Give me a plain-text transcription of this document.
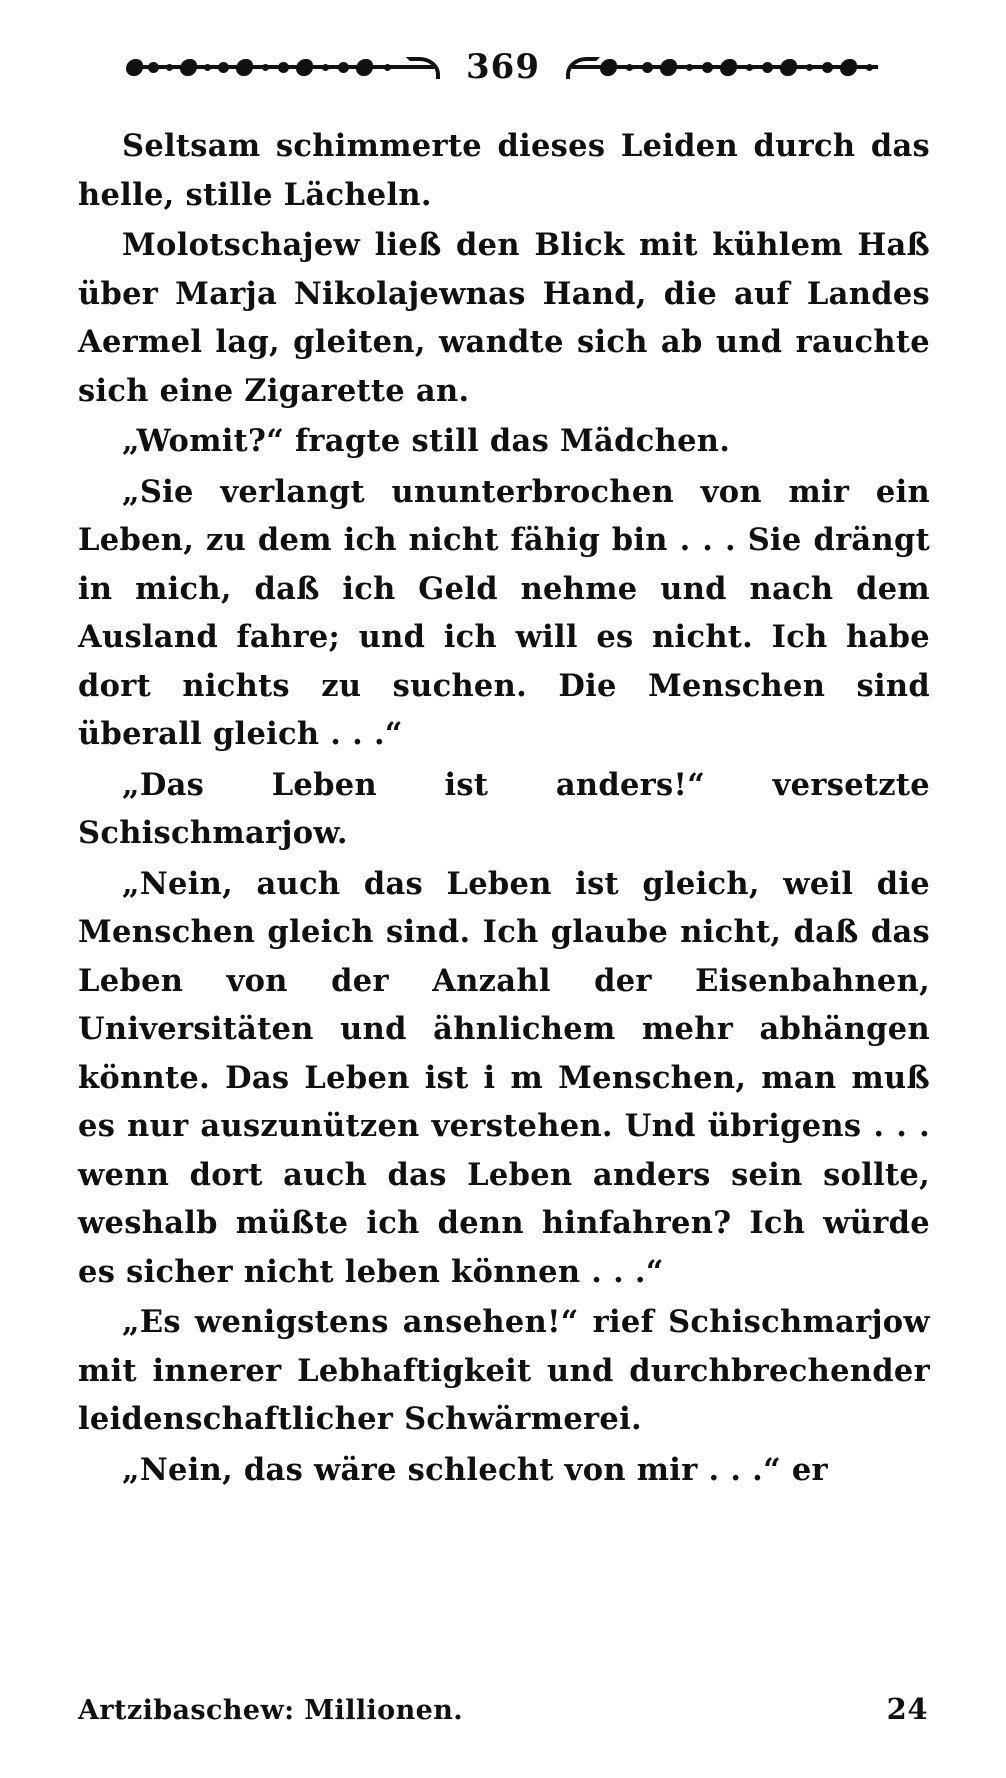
369

Seltsam schimmerte dieses Leiden durch das helle, stille Lächeln.

Molotschajew ließ den Blick mit kühlem Haß über Marja Nikolajewnas Hand, die auf Landes Aermel lag, gleiten, wandte sich ab und rauchte sich eine Zigarette an.

„Womit?“ fragte still das Mädchen.

„Sie verlangt ununterbrochen von mir ein Leben, zu dem ich nicht fähig bin . . . Sie drängt in mich, daß ich Geld nehme und nach dem Ausland fahre; und ich will es nicht. Ich habe dort nichts zu suchen. Die Menschen sind überall gleich . . .“

„Das Leben ist anders!“ versetzte Schischmarjow.

„Nein, auch das Leben ist gleich, weil die Menschen gleich sind. Ich glaube nicht, daß das Leben von der Anzahl der Eisenbahnen, Universitäten und ähnlichem mehr abhängen könnte. Das Leben ist i m Menschen, man muß es nur auszunützen verstehen. Und übrigens . . . wenn dort auch das Leben anders sein sollte, weshalb müßte ich denn hinfahren? Ich würde es sicher nicht leben können . . .“

„Es wenigstens ansehen!“ rief Schischmarjow mit innerer Lebhaftigkeit und durchbrechender leidenschaftlicher Schwärmerei.

„Nein, das wäre schlecht von mir . . .“ er

Artzibaschew: Millionen.	24
